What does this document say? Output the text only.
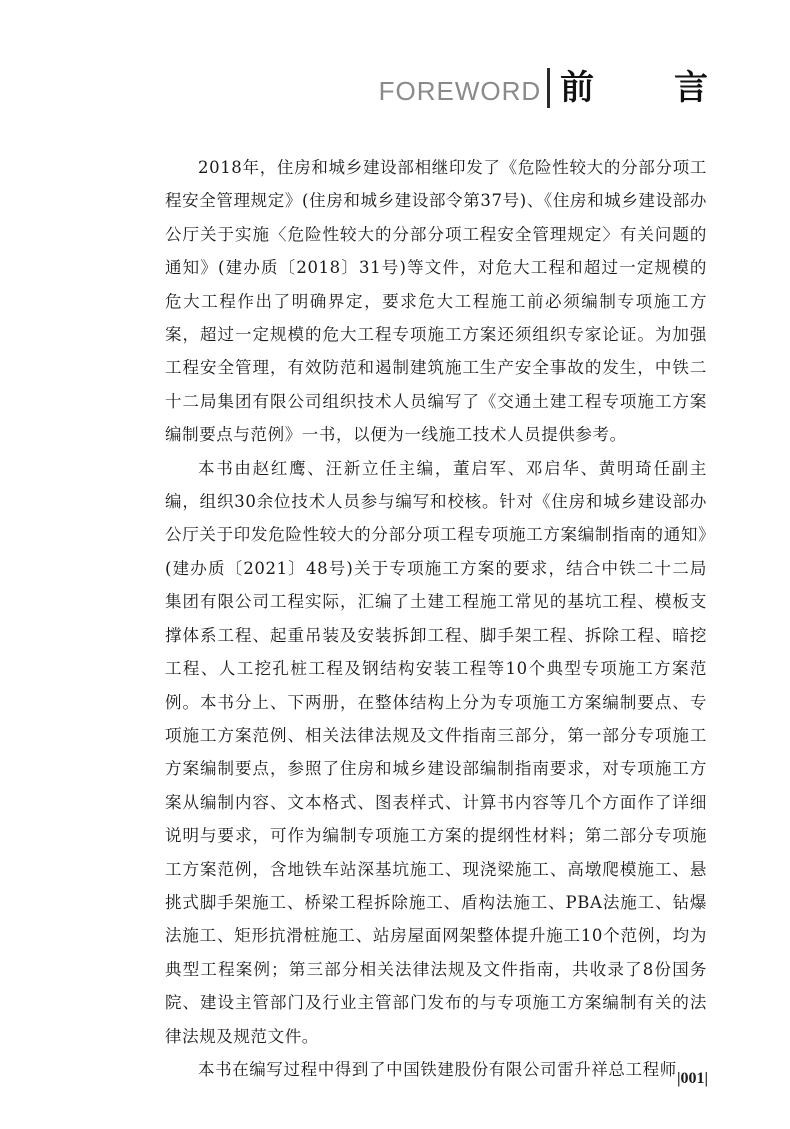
FOREWORD 前 言

2018年，住房和城乡建设部相继印发了《危险性较大的分部分项工程安全管理规定》(住房和城乡建设部令第37号)、《住房和城乡建设部办公厅关于实施〈危险性较大的分部分项工程安全管理规定〉有关问题的通知》(建办质〔2018〕31号)等文件，对危大工程和超过一定规模的危大工程作出了明确界定，要求危大工程施工前必须编制专项施工方案，超过一定规模的危大工程专项施工方案还须组织专家论证。为加强工程安全管理，有效防范和遏制建筑施工生产安全事故的发生，中铁二十二局集团有限公司组织技术人员编写了《交通土建工程专项施工方案编制要点与范例》一书，以便为一线施工技术人员提供参考。

本书由赵红鹰、汪新立任主编，董启军、邓启华、黄明琦任副主编，组织30余位技术人员参与编写和校核。针对《住房和城乡建设部办公厅关于印发危险性较大的分部分项工程专项施工方案编制指南的通知》(建办质〔2021〕48号)关于专项施工方案的要求，结合中铁二十二局集团有限公司工程实际，汇编了土建工程施工常见的基坑工程、模板支撑体系工程、起重吊装及安装拆卸工程、脚手架工程、拆除工程、暗挖工程、人工挖孔桩工程及钢结构安装工程等10个典型专项施工方案范例。本书分上、下两册，在整体结构上分为专项施工方案编制要点、专项施工方案范例、相关法律法规及文件指南三部分，第一部分专项施工方案编制要点，参照了住房和城乡建设部编制指南要求，对专项施工方案从编制内容、文本格式、图表样式、计算书内容等几个方面作了详细说明与要求，可作为编制专项施工方案的提纲性材料；第二部分专项施工方案范例，含地铁车站深基坑施工、现浇梁施工、高墩爬模施工、悬挑式脚手架施工、桥梁工程拆除施工、盾构法施工、PBA法施工、钻爆法施工、矩形抗滑桩施工、站房屋面网架整体提升施工10个范例，均为典型工程案例；第三部分相关法律法规及文件指南，共收录了8份国务院、建设主管部门及行业主管部门发布的与专项施工方案编制有关的法律法规及规范文件。

本书在编写过程中得到了中国铁建股份有限公司雷升祥总工程师 |001|
